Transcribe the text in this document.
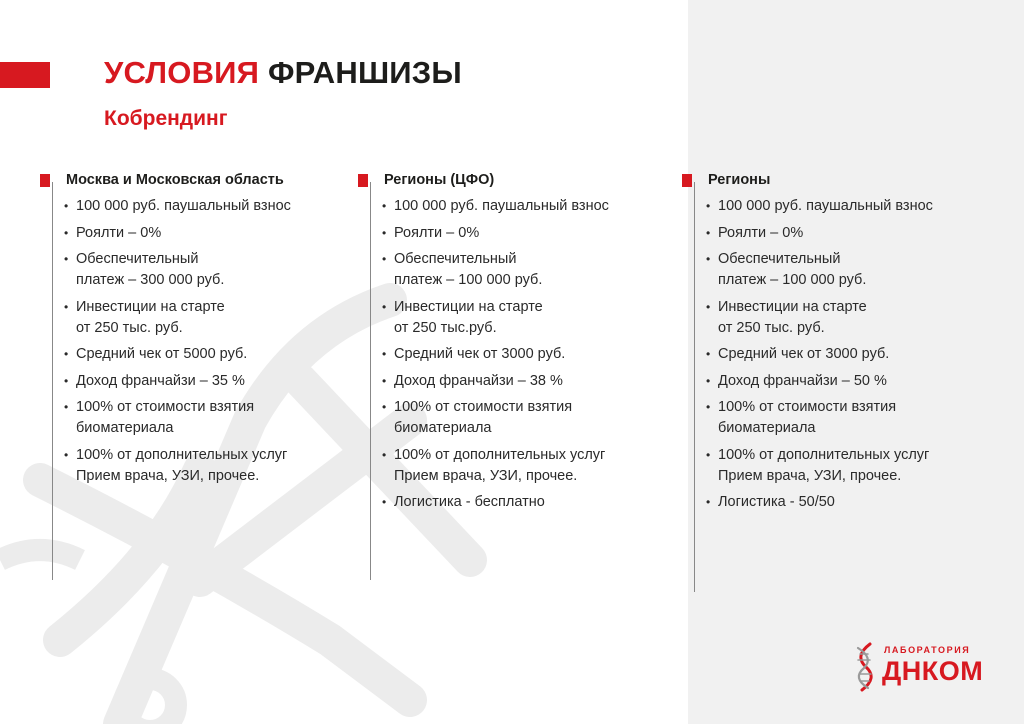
УСЛОВИЯ ФРАНШИЗЫ
Кобрендинг
Москва и Московская область
• 100 000 руб. паушальный взнос
• Роялти – 0%
• Обеспечительный
платеж – 300 000 руб.
• Инвестиции на старте
от 250 тыс. руб.
• Средний чек от 5000 руб.
• Доход франчайзи – 35 %
• 100% от стоимости взятия
биоматериала
• 100% от дополнительных услуг
Прием врача, УЗИ, прочее.
Регионы (ЦФО)
• 100 000 руб. паушальный взнос
• Роялти – 0%
• Обеспечительный
платеж – 100 000 руб.
• Инвестиции на старте
от 250 тыс.руб.
• Средний чек от 3000 руб.
• Доход франчайзи – 38 %
• 100% от стоимости взятия
биоматериала
• 100% от дополнительных услуг
Прием врача, УЗИ, прочее.
• Логистика - бесплатно
Регионы
• 100 000 руб. паушальный взнос
• Роялти – 0%
• Обеспечительный
платеж – 100 000 руб.
• Инвестиции на старте
от 250 тыс. руб.
• Средний чек от 3000 руб.
• Доход франчайзи – 50 %
• 100% от стоимости взятия
биоматериала
• 100% от дополнительных услуг
Прием врача, УЗИ, прочее.
• Логистика - 50/50
ЛАБОРАТОРИЯ
ДНКОМ
